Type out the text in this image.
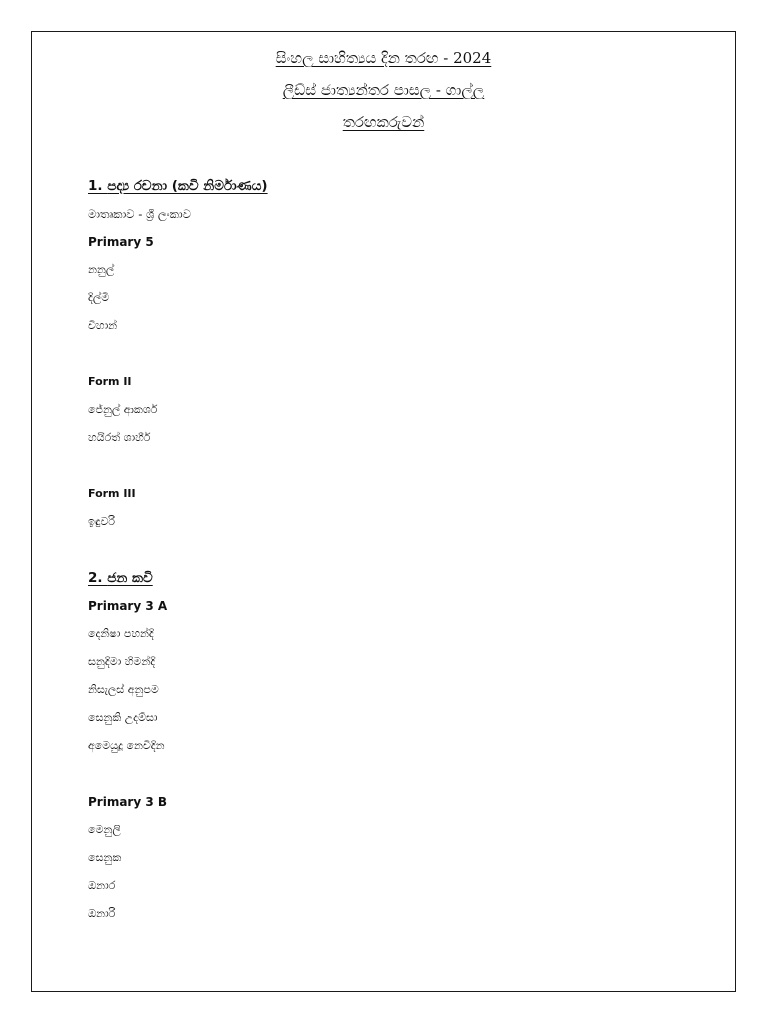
සිංහල සාහිත්‍යය දින තරඟ - 2024
ලීඩ්ස් ජාත්‍යන්තර පාසල - ගාල්ල
තරඟකරුවන්
1. පද්‍ය රචනා (කවි නිර්මාණය)
මාතෘකාව - ශ්‍රී ලංකාව
Primary 5
නනුල්
දිල්මි
විහාන්
Form II
ජේනුල් ආකර්ශ
හයිරත් ශාහීර්
Form III
ඉඳුවරි
2. ජන කවි
Primary 3 A
දෙනිෂා පහන්දි
සනුදිමා හිමන්දි
නිසැලස් අනුපම
සෙනුකි උදම්සා
අමෙයුදූ නෙවිදින
Primary 3 B
මෙනුලි
සෙනුක
ඔනාර
ඔනාරි
